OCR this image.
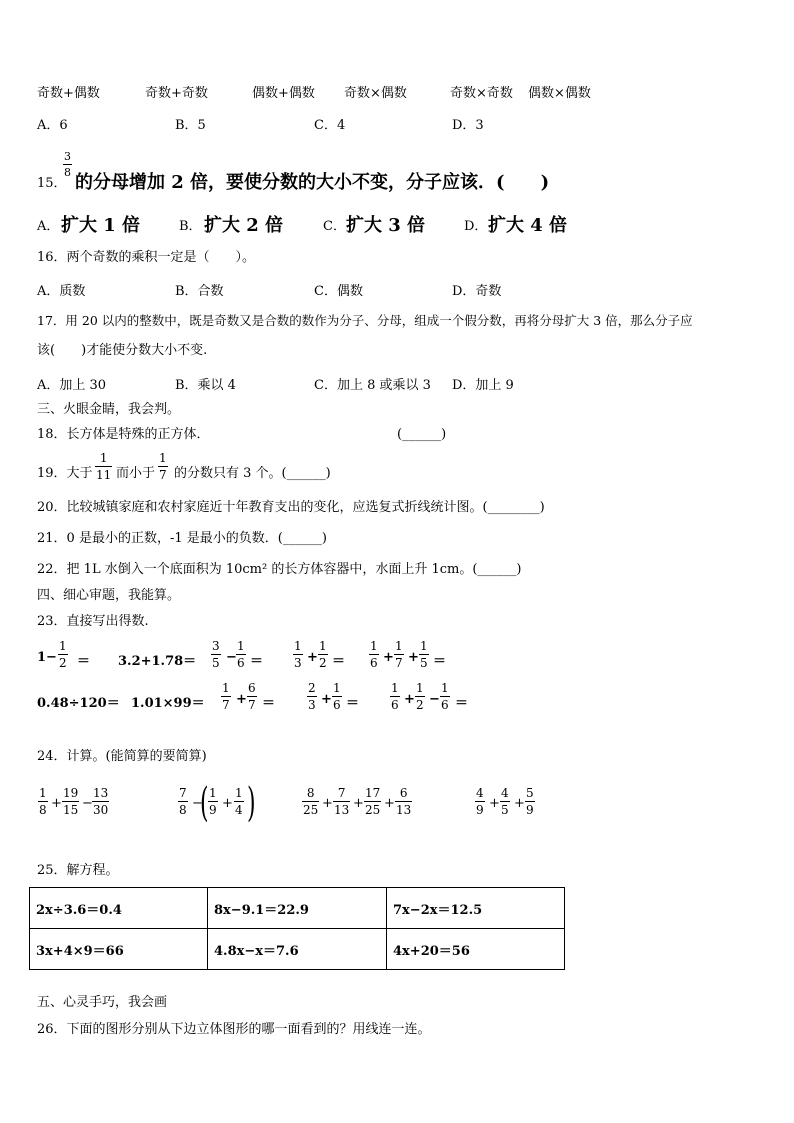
奇数+偶数	奇数+奇数	偶数+偶数 奇数×偶数	奇数×奇数 偶数×偶数
A．6	B．5	C．4	D．3
15．
$\frac{3}{8}$
的分母增加 2 倍，要使分数的大小不变，分子应该．(　　)
A． 扩大 1 倍	B． 扩大 2 倍	C． 扩大 3 倍	D． 扩大 4 倍
16．两个奇数的乘积一定是（　　）。
A．质数	B．合数	C．偶数	D．奇数
17．用 20 以内的整数中，既是奇数又是合数的数作为分子、分母，组成一个假分数，再将分母扩大 3 倍，那么分子应
该(　　)才能使分数大小不变.
A．加上 30	B．乘以 4	C．加上 8 或乘以 3 D．加上 9
三、火眼金睛，我会判。
18．长方体是特殊的正方体．	(______)
19．大于 $\frac{1}{11}$ 而小于 $\frac{1}{7}$ 的分数只有 3 个。(______)
20．比较城镇家庭和农村家庭近十年教育支出的变化，应选复式折线统计图。(________)
21．0 是最小的正数，-1 是最小的负数．(______)
22．把 1L 水倒入一个底面积为 10cm² 的长方体容器中，水面上升 1cm。(______)
四、细心审题，我能算。
23．直接写出得数.
$1- \frac{1}{2} = 3.2+1.78= \frac{3}{5} - \frac{1}{6} = \frac{1}{3} + \frac{1}{2} = \frac{1}{6} + \frac{1}{7} + \frac{1}{5}$ ＝
$0.48\div 120= 1.01\times 99= \frac{1}{7} + \frac{6}{7}$ ＝	$\frac{2}{3} + \frac{1}{6}$ ＝	$\frac{1}{6} + \frac{1}{2} - \frac{1}{6}$ ＝
24．计算。(能简算的要简算)
$\frac{1}{8} + \frac{19}{15} - \frac{13}{30}$	$\frac{7}{8}$ −
( $\frac{1}{9} + \frac{1}{4}$ )	$\frac{8}{25} + \frac{7}{13} + \frac{17}{25} + \frac{6}{13}$	$\frac{4}{9} + \frac{4}{5} + \frac{5}{9}$
25．解方程。
2x÷3.6＝0.4	8x−9.1＝22.9	7x−2x＝12.5
3x+4×9＝66	4.8x−x＝7.6	4x+20＝56
五、心灵手巧，我会画
26．下面的图形分别从下边立体图形的哪一面看到的？用线连一连。
